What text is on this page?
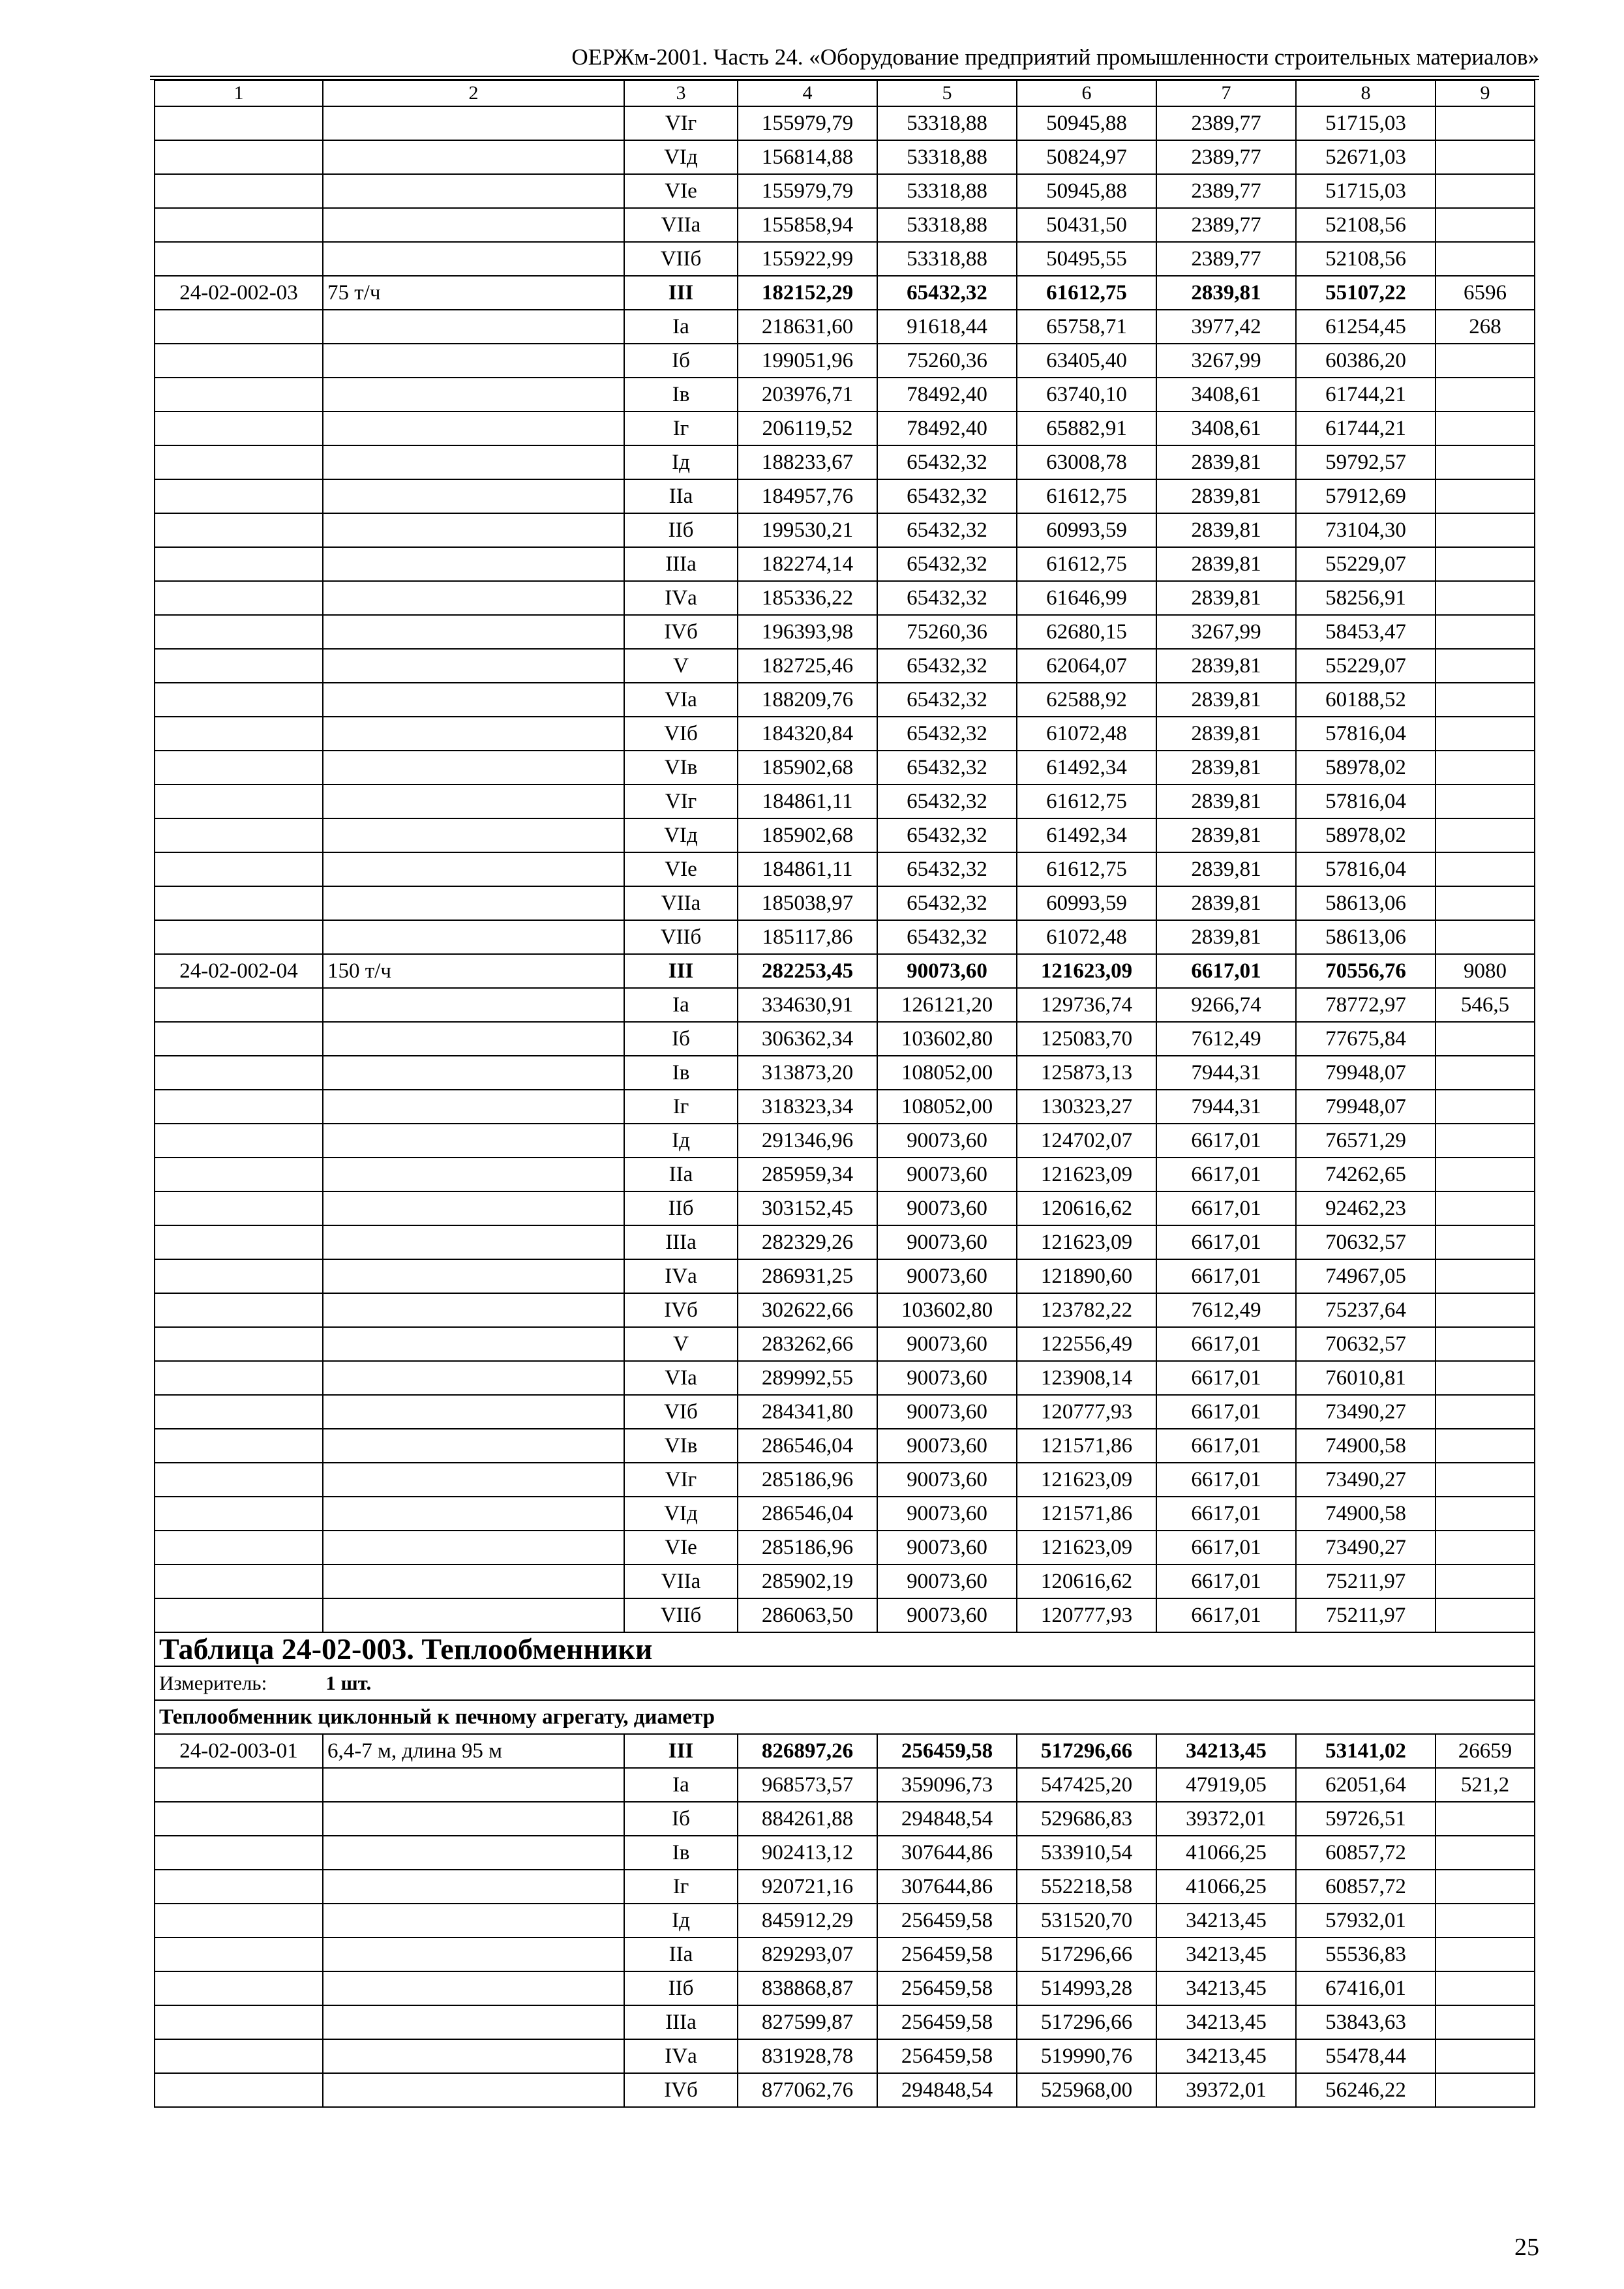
ОЕРЖм-2001. Часть 24. «Оборудование предприятий промышленности строительных материалов»
1	2	3	4	5	6	7	8	9
		VIг	155979,79	53318,88	50945,88	2389,77	51715,03	
		VIд	156814,88	53318,88	50824,97	2389,77	52671,03	
		VIе	155979,79	53318,88	50945,88	2389,77	51715,03	
		VIIа	155858,94	53318,88	50431,50	2389,77	52108,56	
		VIIб	155922,99	53318,88	50495,55	2389,77	52108,56	
24-02-002-03	75 т/ч	III	182152,29	65432,32	61612,75	2839,81	55107,22	6596
		Iа	218631,60	91618,44	65758,71	3977,42	61254,45	268
		Iб	199051,96	75260,36	63405,40	3267,99	60386,20	
		Iв	203976,71	78492,40	63740,10	3408,61	61744,21	
		Iг	206119,52	78492,40	65882,91	3408,61	61744,21	
		Iд	188233,67	65432,32	63008,78	2839,81	59792,57	
		IIа	184957,76	65432,32	61612,75	2839,81	57912,69	
		IIб	199530,21	65432,32	60993,59	2839,81	73104,30	
		IIIа	182274,14	65432,32	61612,75	2839,81	55229,07	
		IVа	185336,22	65432,32	61646,99	2839,81	58256,91	
		IVб	196393,98	75260,36	62680,15	3267,99	58453,47	
		V	182725,46	65432,32	62064,07	2839,81	55229,07	
		VIа	188209,76	65432,32	62588,92	2839,81	60188,52	
		VIб	184320,84	65432,32	61072,48	2839,81	57816,04	
		VIв	185902,68	65432,32	61492,34	2839,81	58978,02	
		VIг	184861,11	65432,32	61612,75	2839,81	57816,04	
		VIд	185902,68	65432,32	61492,34	2839,81	58978,02	
		VIе	184861,11	65432,32	61612,75	2839,81	57816,04	
		VIIа	185038,97	65432,32	60993,59	2839,81	58613,06	
		VIIб	185117,86	65432,32	61072,48	2839,81	58613,06	
24-02-002-04	150 т/ч	III	282253,45	90073,60	121623,09	6617,01	70556,76	9080
		Iа	334630,91	126121,20	129736,74	9266,74	78772,97	546,5
		Iб	306362,34	103602,80	125083,70	7612,49	77675,84	
		Iв	313873,20	108052,00	125873,13	7944,31	79948,07	
		Iг	318323,34	108052,00	130323,27	7944,31	79948,07	
		Iд	291346,96	90073,60	124702,07	6617,01	76571,29	
		IIа	285959,34	90073,60	121623,09	6617,01	74262,65	
		IIб	303152,45	90073,60	120616,62	6617,01	92462,23	
		IIIа	282329,26	90073,60	121623,09	6617,01	70632,57	
		IVа	286931,25	90073,60	121890,60	6617,01	74967,05	
		IVб	302622,66	103602,80	123782,22	7612,49	75237,64	
		V	283262,66	90073,60	122556,49	6617,01	70632,57	
		VIа	289992,55	90073,60	123908,14	6617,01	76010,81	
		VIб	284341,80	90073,60	120777,93	6617,01	73490,27	
		VIв	286546,04	90073,60	121571,86	6617,01	74900,58	
		VIг	285186,96	90073,60	121623,09	6617,01	73490,27	
		VIд	286546,04	90073,60	121571,86	6617,01	74900,58	
		VIе	285186,96	90073,60	121623,09	6617,01	73490,27	
		VIIа	285902,19	90073,60	120616,62	6617,01	75211,97	
		VIIб	286063,50	90073,60	120777,93	6617,01	75211,97	
Таблица 24-02-003. Теплообменники								
Измеритель: 1 шт.								
Теплообменник циклонный к печному агрегату, диаметр								
24-02-003-01	6,4-7 м, длина 95 м	III	826897,26	256459,58	517296,66	34213,45	53141,02	26659
		Iа	968573,57	359096,73	547425,20	47919,05	62051,64	521,2
		Iб	884261,88	294848,54	529686,83	39372,01	59726,51	
		Iв	902413,12	307644,86	533910,54	41066,25	60857,72	
		Iг	920721,16	307644,86	552218,58	41066,25	60857,72	
		Iд	845912,29	256459,58	531520,70	34213,45	57932,01	
		IIа	829293,07	256459,58	517296,66	34213,45	55536,83	
		IIб	838868,87	256459,58	514993,28	34213,45	67416,01	
		IIIа	827599,87	256459,58	517296,66	34213,45	53843,63	
		IVа	831928,78	256459,58	519990,76	34213,45	55478,44	
		IVб	877062,76	294848,54	525968,00	39372,01	56246,22	
25
